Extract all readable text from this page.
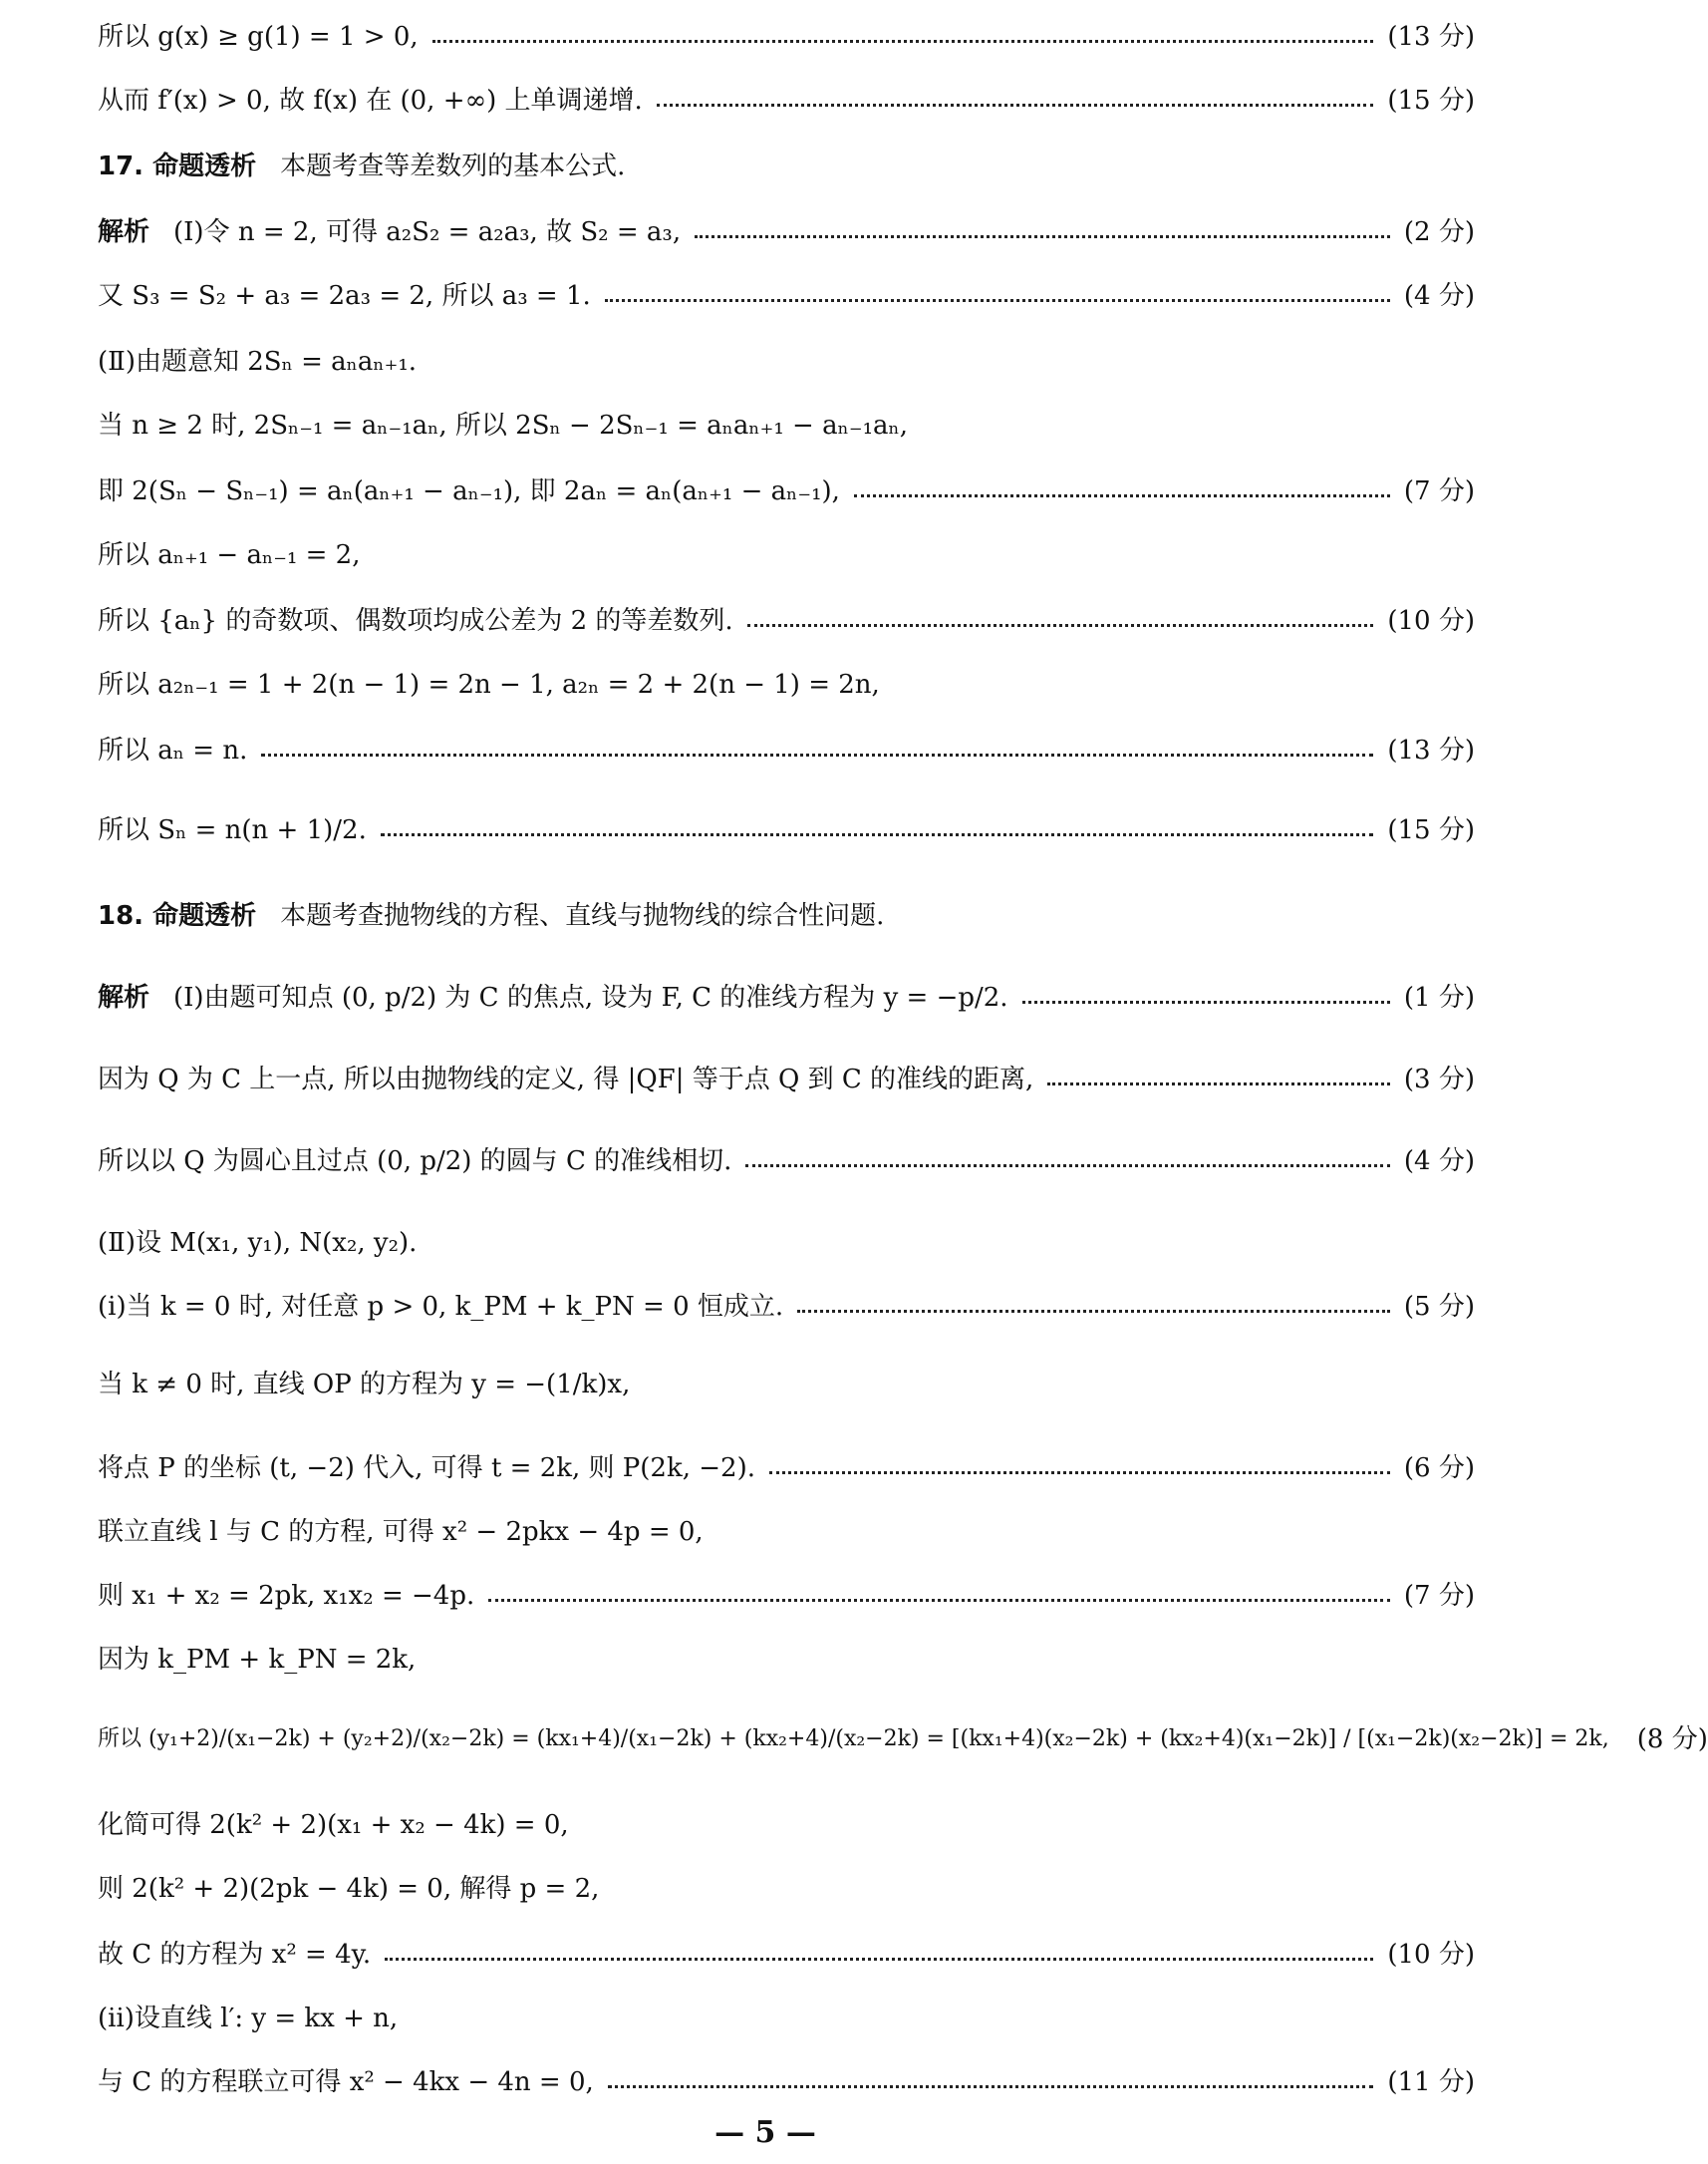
所以 g(x) ≥ g(1) = 1 > 0,	(13 分)
从而 f′(x) > 0, 故 f(x) 在 (0, +∞) 上单调递增.	(15 分)
17. 命题透析 本题考查等差数列的基本公式.
解析 (Ⅰ)令 n = 2, 可得 a₂S₂ = a₂a₃, 故 S₂ = a₃,	(2 分)
又 S₃ = S₂ + a₃ = 2a₃ = 2, 所以 a₃ = 1.	(4 分)
(Ⅱ)由题意知 2Sₙ = aₙaₙ₊₁.
当 n ≥ 2 时, 2Sₙ₋₁ = aₙ₋₁aₙ, 所以 2Sₙ − 2Sₙ₋₁ = aₙaₙ₊₁ − aₙ₋₁aₙ,
即 2(Sₙ − Sₙ₋₁) = aₙ(aₙ₊₁ − aₙ₋₁), 即 2aₙ = aₙ(aₙ₊₁ − aₙ₋₁),	(7 分)
所以 aₙ₊₁ − aₙ₋₁ = 2,
所以 {aₙ} 的奇数项、偶数项均成公差为 2 的等差数列.	(10 分)
所以 a₂ₙ₋₁ = 1 + 2(n − 1) = 2n − 1, a₂ₙ = 2 + 2(n − 1) = 2n,
所以 aₙ = n.	(13 分)
所以 Sₙ = n(n + 1)/2.	(15 分)
18. 命题透析 本题考查抛物线的方程、直线与抛物线的综合性问题.
解析 (Ⅰ)由题可知点 (0, p/2) 为 C 的焦点, 设为 F, C 的准线方程为 y = −p/2.	(1 分)
因为 Q 为 C 上一点, 所以由抛物线的定义, 得 |QF| 等于点 Q 到 C 的准线的距离,	(3 分)
所以以 Q 为圆心且过点 (0, p/2) 的圆与 C 的准线相切.	(4 分)
(Ⅱ)设 M(x₁, y₁), N(x₂, y₂).
(ⅰ)当 k = 0 时, 对任意 p > 0, k_PM + k_PN = 0 恒成立.	(5 分)
当 k ≠ 0 时, 直线 OP 的方程为 y = −(1/k)x,
将点 P 的坐标 (t, −2) 代入, 可得 t = 2k, 则 P(2k, −2).	(6 分)
联立直线 l 与 C 的方程, 可得 x² − 2pkx − 4p = 0,
则 x₁ + x₂ = 2pk, x₁x₂ = −4p.	(7 分)
因为 k_PM + k_PN = 2k,
所以 (y₁+2)/(x₁−2k) + (y₂+2)/(x₂−2k) = (kx₁+4)/(x₁−2k) + (kx₂+4)/(x₂−2k) = [(kx₁+4)(x₂−2k) + (kx₂+4)(x₁−2k)] / [(x₁−2k)(x₂−2k)] = 2k, (8 分)
化简可得 2(k² + 2)(x₁ + x₂ − 4k) = 0,
则 2(k² + 2)(2pk − 4k) = 0, 解得 p = 2,
故 C 的方程为 x² = 4y.	(10 分)
(ⅱ)设直线 l′: y = kx + n,
与 C 的方程联立可得 x² − 4kx − 4n = 0,	(11 分)
— 5 —
